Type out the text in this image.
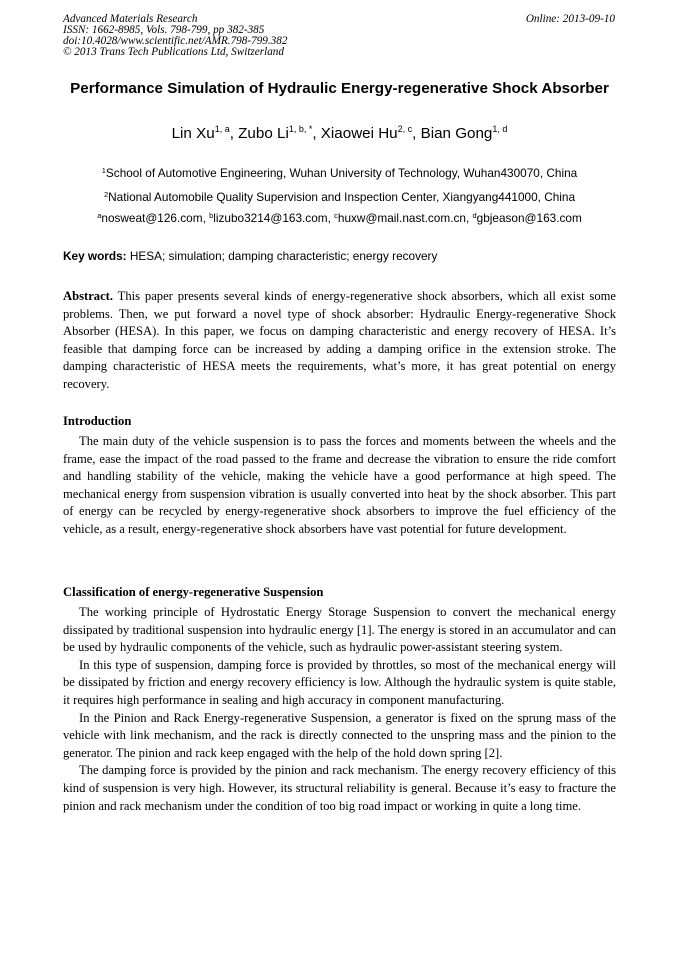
Advanced Materials Research
ISSN: 1662-8985, Vols. 798-799, pp 382-385
doi:10.4028/www.scientific.net/AMR.798-799.382
© 2013 Trans Tech Publications Ltd, Switzerland
Online: 2013-09-10
Performance Simulation of Hydraulic Energy-regenerative Shock Absorber
Lin Xu$^{1, a}$, Zubo $Li^{1, b, *}$, Xiaowei Hu$^{2, c}$, Bian Gong$^{1, d}$
$^1$School of Automotive Engineering, Wuhan University of Technology, Wuhan430070, China
$^2$National Automobile Quality Supervision and Inspection Center, Xiangyang441000, China
$^a$nosweat@126.com, $^b$lizubo3214@163.com, $^c$huxw@mail.nast.com.cn, $^d$gbjeason@163.com
Key words: HESA; simulation; damping characteristic; energy recovery
Abstract. This paper presents several kinds of energy-regenerative shock absorbers, which all exist some problems. Then, we put forward a novel type of shock absorber: Hydraulic Energy-regenerative Shock Absorber (HESA). In this paper, we focus on damping characteristic and energy recovery of HESA. It’s feasible that damping force can be increased by adding a damping orifice in the extension stroke. The damping characteristic of HESA meets the requirements, what’s more, it has great potential on energy recovery.
Introduction

The main duty of the vehicle suspension is to pass the forces and moments between the wheels and the frame, ease the impact of the road passed to the frame and decrease the vibration to ensure the ride comfort and handling stability of the vehicle, making the vehicle have a good performance at high speed. The mechanical energy from suspension vibration is usually converted into heat by the shock absorber. This part of energy can be recycled by energy-regenerative shock absorbers to improve the fuel efficiency of the vehicle, as a result, energy-regenerative shock absorbers have vast potential for future development.

Classification of energy-regenerative Suspension

The working principle of Hydrostatic Energy Storage Suspension to convert the mechanical energy dissipated by traditional suspension into hydraulic energy [1]. The energy is stored in an accumulator and can be used by hydraulic components of the vehicle, such as hydraulic power-assistant steering system.

In this type of suspension, damping force is provided by throttles, so most of the mechanical energy will be dissipated by friction and energy recovery efficiency is low. Although the hydraulic system is quite stable, it requires high performance in sealing and high accuracy in component manufacturing.

In the Pinion and Rack Energy-regenerative Suspension, a generator is fixed on the sprung mass of the vehicle with link mechanism, and the rack is directly connected to the unspring mass and the pinion to the generator. The pinion and rack keep engaged with the help of the hold down spring [2].

The damping force is provided by the pinion and rack mechanism. The energy recovery efficiency of this kind of suspension is very high. However, its structural reliability is general. Because it’s easy to fracture the pinion and rack mechanism under the condition of too big road impact or working in quite a long time.
